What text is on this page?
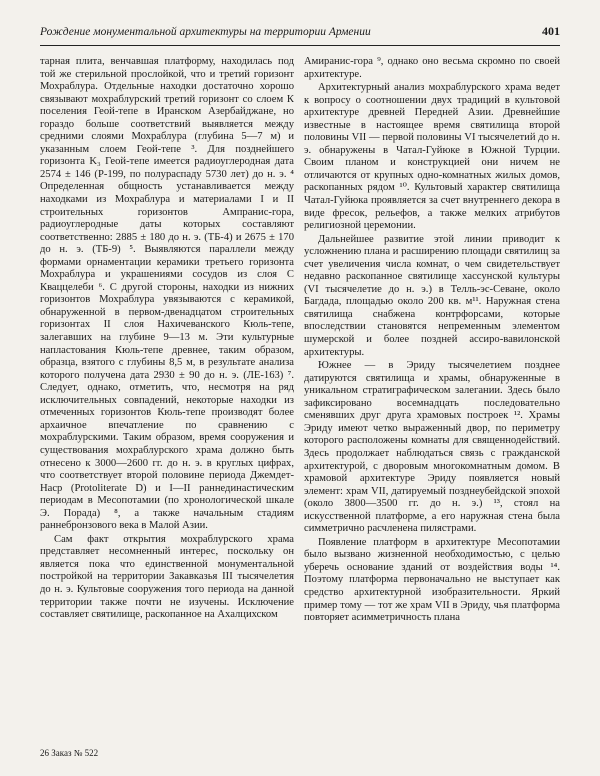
Рождение монументальной архитектуры на территории Армении	401

тарная плита, венчавшая платформу, находилась под той же стерильной прослойкой, что и третий горизонт Мохраблура. Отдельные находки достаточно хорошо связывают мохраблурский третий горизонт со слоем К поселения Геой-тепе в Иранском Азербайджане, но гораздо больше соответствий выявляется между средними слоями Мохраблура (глубина 5—7 м) и указанным слоем Геой-тепе ³. Для позднейшего горизонта K₃ Геой-тепе имеется радиоуглеродная дата 2574 ± 146 (Р-199, по полураспаду 5730 лет) до н. э. ⁴ Определенная общность устанавливается между находками из Мохраблура и материалами I и II строительных горизонтов Ампранис-гора, радиоуглеродные даты которых составляют соответственно: 2885 ± 180 до н. э. (ТБ-4) и 2675 ± 170 до н. э. (ТБ-9) ⁵. Выявляются параллели между формами орнаментации керамики третьего горизонта Мохраблура и украшениями сосудов из слоя С Кваццелеби ⁶. С другой стороны, находки из нижних горизонтов Мохраблура увязываются с керамикой, обнаруженной в первом-двенадцатом строительных горизонтах II слоя Нахичеванского Кюль-тепе, залегавших на глубине 9—13 м. Эти культурные напластования Кюль-тепе древнее, таким образом, образца, взятого с глубины 8,5 м, в результате анализа которого получена дата 2930 ± 90 до н. э. (ЛЕ-163) ⁷. Следует, однако, отметить, что, несмотря на ряд исключительных совпадений, некоторые находки из отмеченных горизонтов Кюль-тепе производят более архаичное впечатление по сравнению с мохраблурскими. Таким образом, время сооружения и существования мохраблурского храма должно быть отнесено к 3000—2600 гг. до н. э. в круглых цифрах, что соответствует второй половине периода Джемдет-Наср (Protoliterate D) и I—II раннединастическим периодам в Месопотамии (по хронологической шкале Э. Порада) ⁸, а также начальным стадиям раннебронзового века в Малой Азии.

Сам факт открытия мохраблурского храма представляет несомненный интерес, поскольку он является пока что единственной монументальной постройкой на территории Закавказья III тысячелетия до н. э. Культовые сооружения того периода на данной территории также почти не изучены. Исключение составляет святилище, раскопанное на Ахалцихском

Амиранис-гора ⁹, однако оно весьма скромно по своей архитектуре.

Архитектурный анализ мохраблурского храма ведет к вопросу о соотношении двух традиций в культовой архитектуре древней Передней Азии. Древнейшие известные в настоящее время святилища второй половины VII — первой половины VI тысячелетий до н. э. обнаружены в Чатал-Гуйюке в Южной Турции. Своим планом и конструкцией они ничем не отличаются от крупных одно-комнатных жилых домов, раскопанных рядом ¹⁰. Культовый характер святилища Чатал-Гуйюка проявляется за счет внутреннего декора в виде фресок, рельефов, а также мелких атрибутов религиозной церемонии.

Дальнейшее развитие этой линии приводит к усложнению плана и расширению площади святилищ за счет увеличения числа комнат, о чем свидетельствует недавно раскопанное святилище хассунской культуры (VI тысячелетие до н. э.) в Телль-эс-Севане, около Багдада, площадью около 200 кв. м¹¹. Наружная стена святилища снабжена контрфорсами, которые впоследствии становятся непременным элементом шумерской и более поздней ассиро-вавилонской архитектуры.

Южнее — в Эриду тысячелетием позднее датируются святилища и храмы, обнаруженные в уникальном стратиграфическом залегании. Здесь было зафиксировано восемнадцать последовательно сменявших друг друга храмовых построек ¹². Храмы Эриду имеют четко выраженный двор, по периметру которого расположены комнаты для священнодействий. Здесь продолжает наблюдаться связь с гражданской архитектурой, с дворовым многокомнатным домом. В храмовой архитектуре Эриду появляется новый элемент: храм VII, датируемый позднеубейдской эпохой (около 3800—3500 гг. до н. э.) ¹³, стоял на искусственной платформе, а его наружная стена была симметрично расчленена пилястрами.

Появление платформ в архитектуре Месопотамии было вызвано жизненной необходимостью, с целью уберечь основание зданий от воздействия воды ¹⁴. Поэтому платформа первоначально не выступает как средство архитектурной изобразительности. Яркий пример тому — тот же храм VII в Эриду, чья платформа повторяет асимметричность плана

26 Заказ № 522
